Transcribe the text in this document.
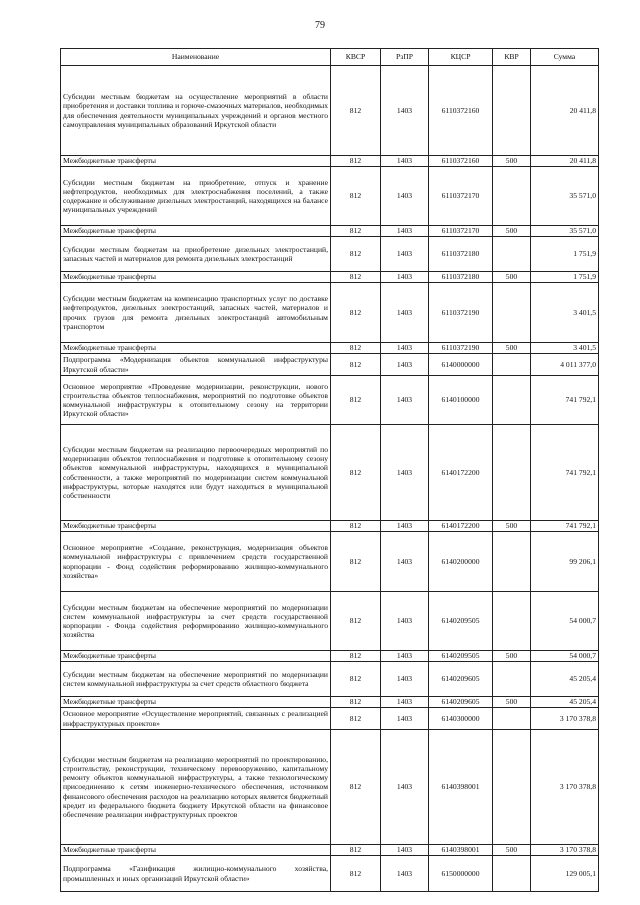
79
Наименование	КВСР	РзПР	КЦСР	КВР	Сумма
Субсидии местным бюджетам на осуществление мероприятий в области приобретения и доставки топлива и горюче-смазочных материалов, необходимых для обеспечения деятельности муниципальных учреждений и органов местного самоуправления муниципальных образований Иркутской области	812	1403	6110372160		20 411,8
Межбюджетные трансферты	812	1403	6110372160	500	20 411,8
Субсидии местным бюджетам на приобретение, отпуск и хранение нефтепродуктов, необходимых для электроснабжения поселений, а также содержание и обслуживание дизельных электростанций, находящихся на балансе муниципальных учреждений	812	1403	6110372170		35 571,0
Межбюджетные трансферты	812	1403	6110372170	500	35 571,0
Субсидии местным бюджетам на приобретение дизельных электростанций, запасных частей и материалов для ремонта дизельных электростанций	812	1403	6110372180		1 751,9
Межбюджетные трансферты	812	1403	6110372180	500	1 751,9
Субсидии местным бюджетам на компенсацию транспортных услуг по доставке нефтепродуктов, дизельных электростанций, запасных частей, материалов и прочих грузов для ремонта дизельных электростанций автомобильным транспортом	812	1403	6110372190		3 401,5
Межбюджетные трансферты	812	1403	6110372190	500	3 401,5
Подпрограмма «Модернизация объектов коммунальной инфраструктуры Иркутской области»	812	1403	6140000000		4 011 377,0
Основное мероприятие «Проведение модернизации, реконструкции, нового строительства объектов теплоснабжения, мероприятий по подготовке объектов коммунальной инфраструктуры к отопительному сезону на территории Иркутской области»	812	1403	6140100000		741 792,1
Субсидии местным бюджетам на реализацию первоочередных мероприятий по модернизации объектов теплоснабжения и подготовке к отопительному сезону объектов коммунальной инфраструктуры, находящихся в муниципальной собственности, а также мероприятий по модернизации систем коммунальной инфраструктуры, которые находятся или будут находиться в муниципальной собственности	812	1403	6140172200		741 792,1
Межбюджетные трансферты	812	1403	6140172200	500	741 792,1
Основное мероприятие «Создание, реконструкция, модернизация объектов коммунальной инфраструктуры с привлечением средств государственной корпорации - Фонд содействия реформированию жилищно-коммунального хозяйства»	812	1403	6140200000		99 206,1
Субсидии местным бюджетам на обеспечение мероприятий по модернизации систем коммунальной инфраструктуры за счет средств государственной корпорации - Фонда содействия реформированию жилищно-коммунального хозяйства	812	1403	6140209505		54 000,7
Межбюджетные трансферты	812	1403	6140209505	500	54 000,7
Субсидии местным бюджетам на обеспечение мероприятий по модернизации систем коммунальной инфраструктуры за счет средств областного бюджета	812	1403	6140209605		45 205,4
Межбюджетные трансферты	812	1403	6140209605	500	45 205,4
Основное мероприятие «Осуществление мероприятий, связанных с реализацией инфраструктурных проектов»	812	1403	6140300000		3 170 378,8
Субсидии местным бюджетам на реализацию мероприятий по проектированию, строительству, реконструкции, техническому перевооружению, капитальному ремонту объектов коммунальной инфраструктуры, а также технологическому присоединению к сетям инженерно-технического обеспечения, источником финансового обеспечения расходов на реализацию которых является бюджетный кредит из федерального бюджета бюджету Иркутской области на финансовое обеспечение реализации инфраструктурных проектов	812	1403	6140398001		3 170 378,8
Межбюджетные трансферты	812	1403	6140398001	500	3 170 378,8
Подпрограмма «Газификация жилищно-коммунального хозяйства, промышленных и иных организаций Иркутской области»	812	1403	6150000000		129 005,1
